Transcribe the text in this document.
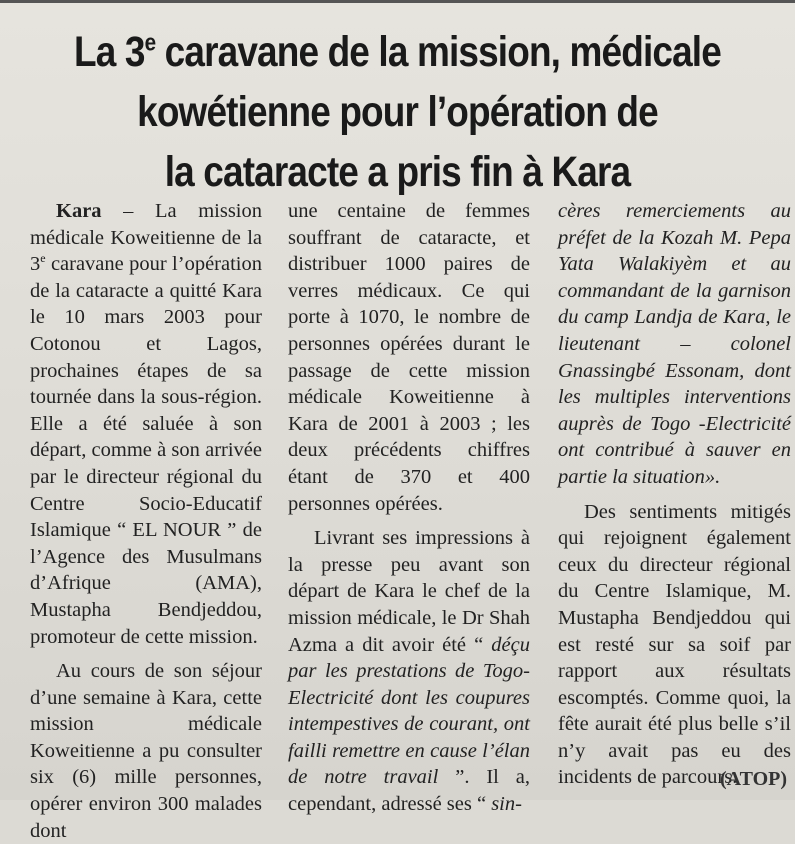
La 3e caravane de la mission, médicale
kowétienne pour l’opération de
la cataracte a pris fin à Kara

Kara – La mission médicale Koweitienne de la 3e caravane pour l’opération de la cataracte a quitté Kara le 10 mars 2003 pour Cotonou et Lagos, prochaines étapes de sa tournée dans la sous-région. Elle a été saluée à son départ, comme à son arrivée par le directeur régional du Centre Socio-Educatif Islamique “ EL NOUR ” de l’Agence des Musulmans d’Afrique (AMA), Mustapha Bendjeddou, promoteur de cette mission.

Au cours de son séjour d’une semaine à Kara, cette mission médicale Koweitienne a pu consulter six (6) mille personnes, opérer environ 300 malades dont

une centaine de femmes souffrant de cataracte, et distribuer 1000 paires de verres médicaux. Ce qui porte à 1070, le nombre de personnes opérées durant le passage de cette mission médicale Koweitienne à Kara de 2001 à 2003 ; les deux précédents chiffres étant de 370 et 400 personnes opérées.

Livrant ses impressions à la presse peu avant son départ de Kara le chef de la mission médicale, le Dr Shah Azma a dit avoir été “ déçu par les prestations de Togo-Electricité dont les coupures intempestives de courant, ont failli remettre en cause l’élan de notre travail ”. Il a, cependant, adressé ses “ sin-

cères remerciements au préfet de la Kozah M. Pepa Yata Walakiyèm et au commandant de la garnison du camp Landja de Kara, le lieutenant – colonel Gnassingbé Essonam, dont les multiples interventions auprès de Togo -Electricité ont contribué à sauver en partie la situation».

Des sentiments mitigés qui rejoignent également ceux du directeur régional du Centre Islamique, M. Mustapha Bendjeddou qui est resté sur sa soif par rapport aux résultats escomptés. Comme quoi, la fête aurait été plus belle s’il n’y avait pas eu des incidents de parcours.

(ATOP)
